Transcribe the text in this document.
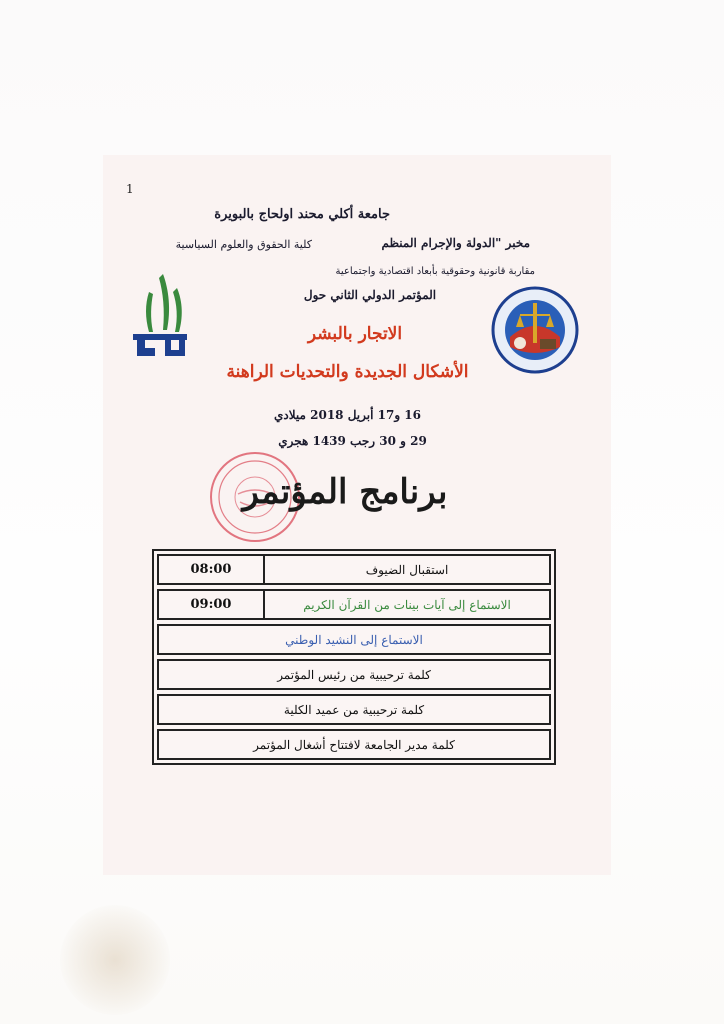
1
جامعة أكلي محند اولحاج بالبويرة
مخبر "الدولة والإجرام المنظم
كلية الحقوق والعلوم السياسية
مقاربة قانونية وحقوقية بأبعاد اقتصادية واجتماعية
المؤتمر الدولي الثاني حول
الاتجار بالبشر
الأشكال الجديدة والتحديات الراهنة
16 و17 أبريل 2018 ميلادي
29 و 30 رجب 1439 هجري
برنامج المؤتمر
08:00	استقبال الضيوف
09:00	الاستماع إلى آيات بينات من القرآن الكريم
الاستماع إلى النشيد الوطني
كلمة ترحيبية من رئيس المؤتمر
كلمة ترحيبية من عميد الكلية
كلمة مدير الجامعة لافتتاح أشغال المؤتمر
